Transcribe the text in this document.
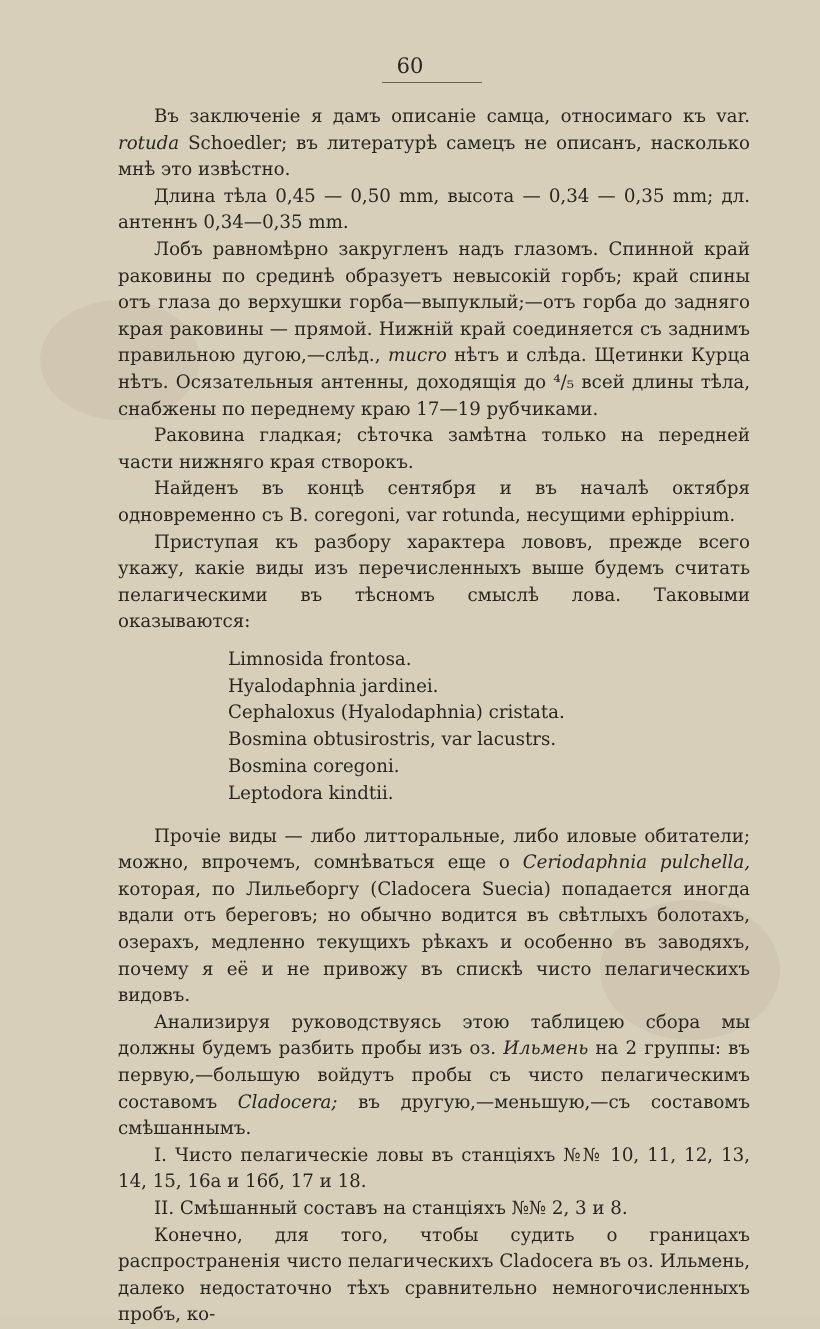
60

Въ заключеніе я дамъ описаніе самца, относимаго къ var. rotuda Schoedler; въ литературѣ самецъ не описанъ, насколько мнѣ это извѣстно.

Длина тѣла 0,45 — 0,50 mm, высота — 0,34 — 0,35 mm; дл. антеннъ 0,34—0,35 mm.

Лобъ равномѣрно закругленъ надъ глазомъ. Спинной край раковины по срединѣ образуетъ невысокій горбъ; край спины отъ глаза до верхушки горба—выпуклый;—отъ горба до задняго края раковины — прямой. Нижній край соединяется съ заднимъ правильною дугою,—слѣд., mucro нѣтъ и слѣда. Щетинки Курца нѣтъ. Осязательныя антенны, доходящія до ⁴/₅ всей длины тѣла, снабжены по переднему краю 17—19 рубчиками.

Раковина гладкая; сѣточка замѣтна только на передней части нижняго края створокъ.

Найденъ въ концѣ сентября и въ началѣ октября одновременно съ B. coregoni, var rotunda, несущими ephippium.

Приступая къ разбору характера лововъ, прежде всего укажу, какіе виды изъ перечисленныхъ выше будемъ считать пелагическими въ тѣсномъ смыслѣ лова. Таковыми оказываются:

Limnosida frontosa.
Hyalodaphnia jardinei.
Cephaloxus (Hyalodaphnia) cristata.
Bosmina obtusirostris, var lacustrs.
Bosmina coregoni.
Leptodora kindtii.

Прочіе виды — либо литторальные, либо иловые обитатели; можно, впрочемъ, сомнѣваться еще о Ceriodaphnia pulchella, которая, по Лильеборгу (Cladocera Suecia) попадается иногда вдали отъ береговъ; но обычно водится въ свѣтлыхъ болотахъ, озерахъ, медленно текущихъ рѣкахъ и особенно въ заводяхъ, почему я её и не привожу въ спискѣ чисто пелагическихъ видовъ.

Анализируя руководствуясь этою таблицею сбора мы должны будемъ разбить пробы изъ оз. Ильмень на 2 группы: въ первую,—большую войдутъ пробы съ чисто пелагическимъ составомъ Cladocera; въ другую,—меньшую,—съ составомъ смѣшаннымъ.

I. Чисто пелагическіе ловы въ станціяхъ №№ 10, 11, 12, 13, 14, 15, 16а и 16б, 17 и 18.

II. Смѣшанный составъ на станціяхъ №№ 2, 3 и 8.

Конечно, для того, чтобы судить о границахъ распространенія чисто пелагическихъ Cladocera въ оз. Ильмень, далеко недостаточно тѣхъ сравнительно немногочисленныхъ пробъ, ко-
